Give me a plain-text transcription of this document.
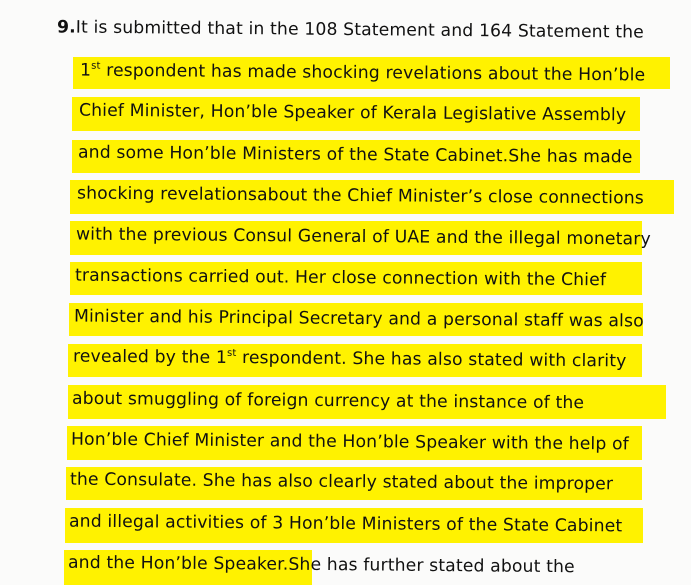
9.It is submitted that in the 108 Statement and 164 Statement the
1st respondent has made shocking revelations about the Hon’ble
Chief Minister, Hon’ble Speaker of Kerala Legislative Assembly
and some Hon’ble Ministers of the State Cabinet.She has made
shocking revelationsabout the Chief Minister’s close connections
with the previous Consul General of UAE and the illegal monetary
transactions carried out. Her close connection with the Chief
Minister and his Principal Secretary and a personal staff was also
revealed by the 1st respondent. She has also stated with clarity
about smuggling of foreign currency at the instance of the
Hon’ble Chief Minister and the Hon’ble Speaker with the help of
the Consulate. She has also clearly stated about the improper
and illegal activities of 3 Hon’ble Ministers of the State Cabinet
and the Hon’ble Speaker.She has further stated about the
